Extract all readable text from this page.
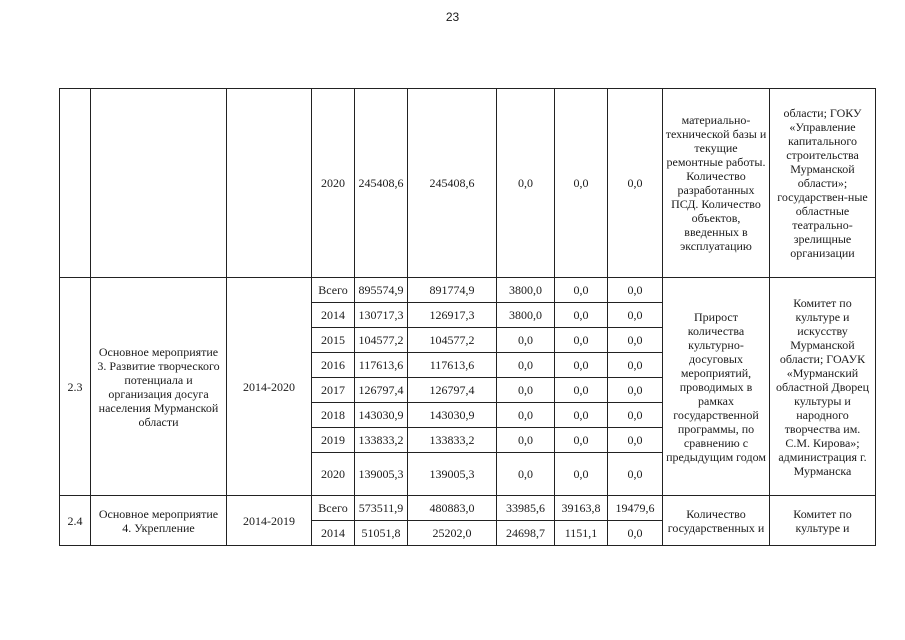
23
			2020	245408,6	245408,6	0,0	0,0	0,0	материально-технической базы и текущие ремонтные работы. Количество разработанных ПСД. Количество объектов, введенных в эксплуатацию	области; ГОКУ «Управление капитального строительства Мурманской области»; государствен-ные областные театрально-зрелищные организации
2.3	Основное мероприятие 3. Развитие творческого потенциала и организация досуга населения Мурманской области	2014-2020	Всего	895574,9	891774,9	3800,0	0,0	0,0	Прирост количества культурно-досуговых мероприятий, проводимых в рамках государственной программы, по сравнению с предыдущим годом	Комитет по культуре и искусству Мурманской области; ГОАУК «Мурманский областной Дворец культуры и народного творчества им. С.М. Кирова»; администрация г. Мурманска
			2014	130717,3	126917,3	3800,0	0,0	0,0		
			2015	104577,2	104577,2	0,0	0,0	0,0		
			2016	117613,6	117613,6	0,0	0,0	0,0		
			2017	126797,4	126797,4	0,0	0,0	0,0		
			2018	143030,9	143030,9	0,0	0,0	0,0		
			2019	133833,2	133833,2	0,0	0,0	0,0		
			2020	139005,3	139005,3	0,0	0,0	0,0		
2.4	Основное мероприятие 4. Укрепление	2014-2019	Всего	573511,9	480883,0	33985,6	39163,8	19479,6	Количество государственных и	Комитет по культуре и
			2014	51051,8	25202,0	24698,7	1151,1	0,0		
